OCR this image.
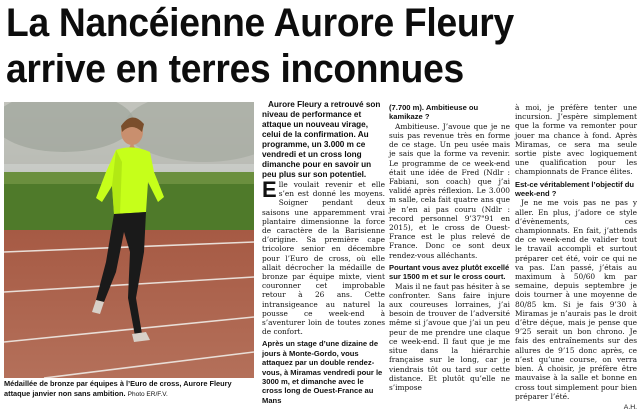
La Nancéienne Aurore Fleury
arrive en terres inconnues

Médaillée de bronze par équipes à l’Euro de cross, Aurore Fleury attaque janvier non sans ambition. Photo ER/F.V.

Aurore Fleury a retrouvé son niveau de performance et attaque un nouveau virage, celui de la confirmation. Au programme, un 3.000 m ce vendredi et un cross long dimanche pour en savoir un peu plus sur son potentiel.

Elle voulait revenir et elle s’en est donné les moyens. Soigner pendant deux saisons une apparemment vrai plantaire dimensionne la force de caractère de la Barisienne d’origine. Sa première cape tricolore senior en décembre pour l’Euro de cross, où elle allait décrocher la médaille de bronze par équipe mixte, vient couronner cet improbable retour à 26 ans. Cette intransigeance au naturel la pousse ce week-end à s’aventurer loin de toutes zones de confort.

Après un stage d’une dizaine de jours à Monte-Gordo, vous attaquez par un double rendez-vous, à Miramas vendredi pour le 3000 m, et dimanche avec le cross long de Ouest-France au Mans

(7.700 m). Ambitieuse ou kamikaze ?

Ambitieuse. J’avoue que je ne suis pas revenue très en forme de ce stage. Un peu usée mais je sais que la forme va revenir. Le programme de ce week-end était une idée de Fred (Ndlr : Fabiani, son coach) que j’ai validé après réflexion. Le 3.000 m salle, cela fait quatre ans que je n’en ai pas couru (Ndlr : record personnel 9’37"91 en 2015), et le cross de Ouest-France est le plus relevé de France. Donc ce sont deux rendez-vous alléchants.

Pourtant vous avez plutôt excellé sur 1500 m et sur le cross court.

Mais il ne faut pas hésiter à se confronter. Sans faire injure aux coureuses lorraines, j’ai besoin de trouver de l’adversité même si j’avoue que j’ai un peu peur de me prendre une claque ce week-end. Il faut que je me situe dans la hiérarchie française sur le long, car je viendrais tôt ou tard sur cette distance. Et plutôt qu’elle ne s’impose

à moi, je préfère tenter une incursion. J’espère simplement que la forme va remonter pour jouer ma chance à fond. Après Miramas, ce sera ma seule sortie piste avec logiquement une qualification pour les championnats de France élites.

Est-ce véritablement l’objectif du week-end ?

Je ne me vois pas ne pas y aller. En plus, j’adore ce style d’évènements, ces championnats. En fait, j’attends de ce week-end de valider tout le travail accompli et surtout préparer cet été, voir ce qui ne va pas. L’an passé, j’étais au maximum à 50/60 km par semaine, depuis septembre je dois tourner à une moyenne de 80/85 km. Si je fais 9’30 à Miramas je n’aurais pas le droit d’être déçue, mais je pense que 9’25 serait un bon chrono. Je fais des entraînements sur des allures de 9’15 donc après, ce n’est qu’une course, on verra bien. À choisir, je préfère être mauvaise à la salle et bonne en cross tout simplement pour bien préparer l’été.

A.H.
